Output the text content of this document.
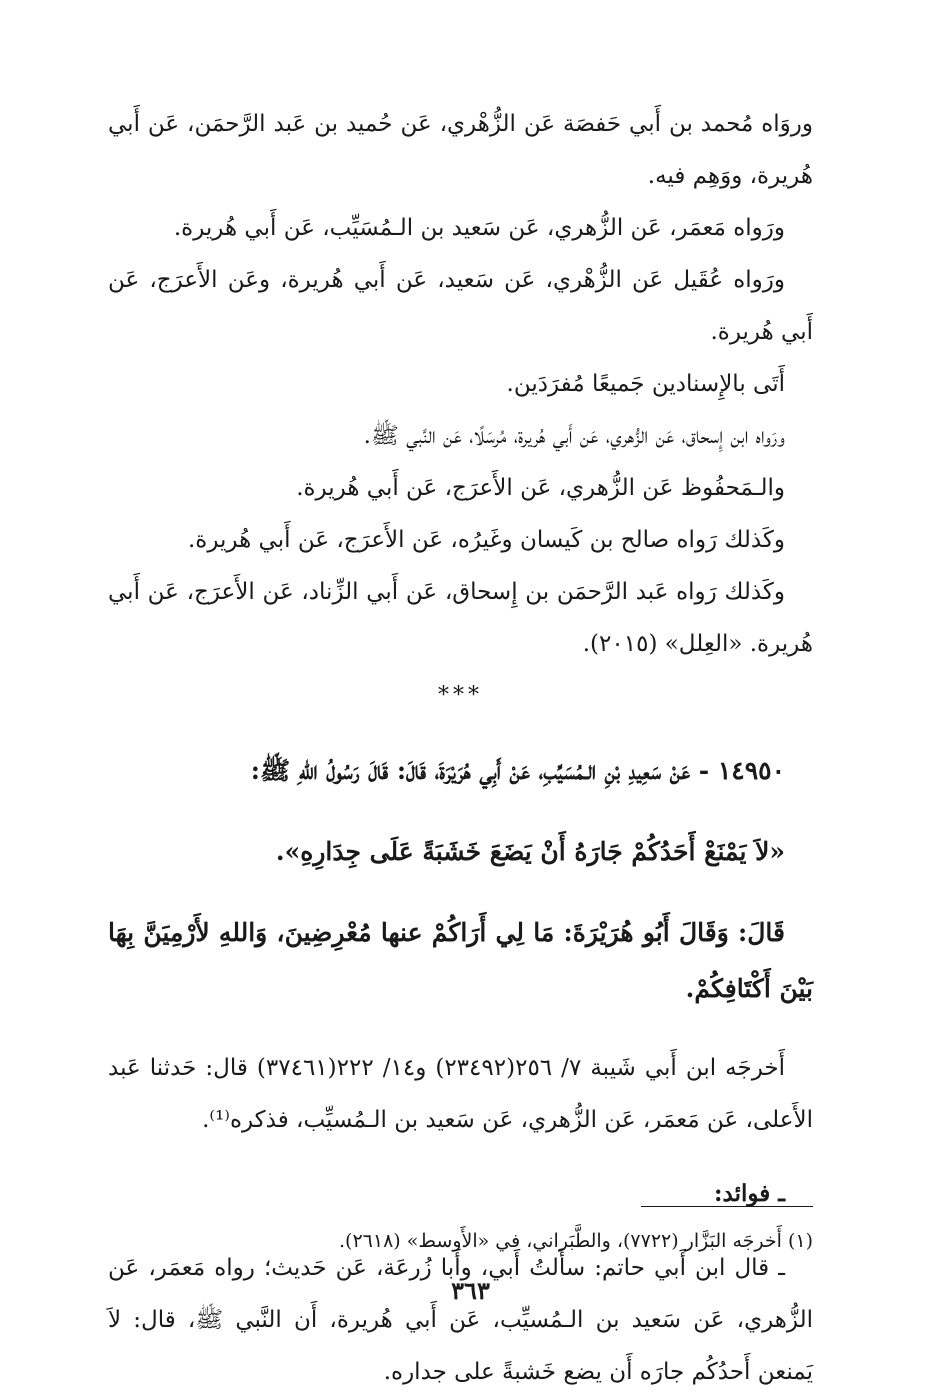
وروَاه مُحمد بن أَبي حَفصَة عَن الزُّهْري، عَن حُميد بن عَبد الرَّحمَن، عَن أَبي هُريرة، ووَهِم فيه.

ورَواه مَعمَر، عَن الزُّهري، عَن سَعيد بن الـمُسَيِّب، عَن أَبي هُريرة.

ورَواه عُقَيل عَن الزُّهْري، عَن سَعيد، عَن أَبي هُريرة، وعَن الأَعرَج، عَن أَبي هُريرة.

أَتَى بالإِسنادين جَميعًا مُفرَدَين.

ورَواه ابن إِسحاق، عَن الزُّهري، عَن أَبي هُريرة، مُرسَلًا، عَن النَّبي ﷺ.

والـمَحفُوظ عَن الزُّهري، عَن الأَعرَج، عَن أَبي هُريرة.

وكَذلك رَواه صالح بن كَيسان وغَيرُه، عَن الأَعرَج، عَن أَبي هُريرة.

وكَذلك رَواه عَبد الرَّحمَن بن إِسحاق، عَن أَبي الزِّناد، عَن الأَعرَج، عَن أَبي هُريرة. «العِلل» (٢٠١٥).

***

١٤٩٥٠ - عَنْ سَعِيدِ بْنِ الـمُسَيِّبِ، عَنْ أَبِي هُرَيْرَةَ، قَالَ: قَالَ رَسُولُ اللهِ ﷺ:

«لاَ يَمْنَعْ أَحَدُكُمْ جَارَهُ أَنْ يَضَعَ خَشَبَةً عَلَى جِدَارِهِ».

قَالَ: وَقَالَ أَبُو هُرَيْرَةَ: مَا لِي أَرَاكُمْ عنها مُعْرِضِينَ، وَاللهِ لأَرْمِيَنَّ بِهَا بَيْنَ أَكْتَافِكُمْ.

أَخرجَه ابن أَبي شَيبة ٧/ ٢٥٦(٢٣٤٩٢) و١٤/ ٢٢٢(٣٧٤٦١) قال: حَدثنا عَبد الأَعلى، عَن مَعمَر، عَن الزُّهري، عَن سَعيد بن الـمُسيِّب، فذكره⁽¹⁾.

ـ فوائد:

ـ قال ابن أَبي حاتم: سأَلتُ أَبي، وأَبا زُرعَة، عَن حَديث؛ رواه مَعمَر، عَن الزُّهري، عَن سَعيد بن الـمُسيِّب، عَن أَبي هُريرة، أَن النَّبي ﷺ، قال: لاَ يَمنعن أَحدُكُم جارَه أَن يضع خَشبةً على جداره.

(١) أَخرجَه البَزَّار (٧٧٢٢)، والطَّبَراني، في «الأَوسط» (٢٦١٨).
٣٦٣
